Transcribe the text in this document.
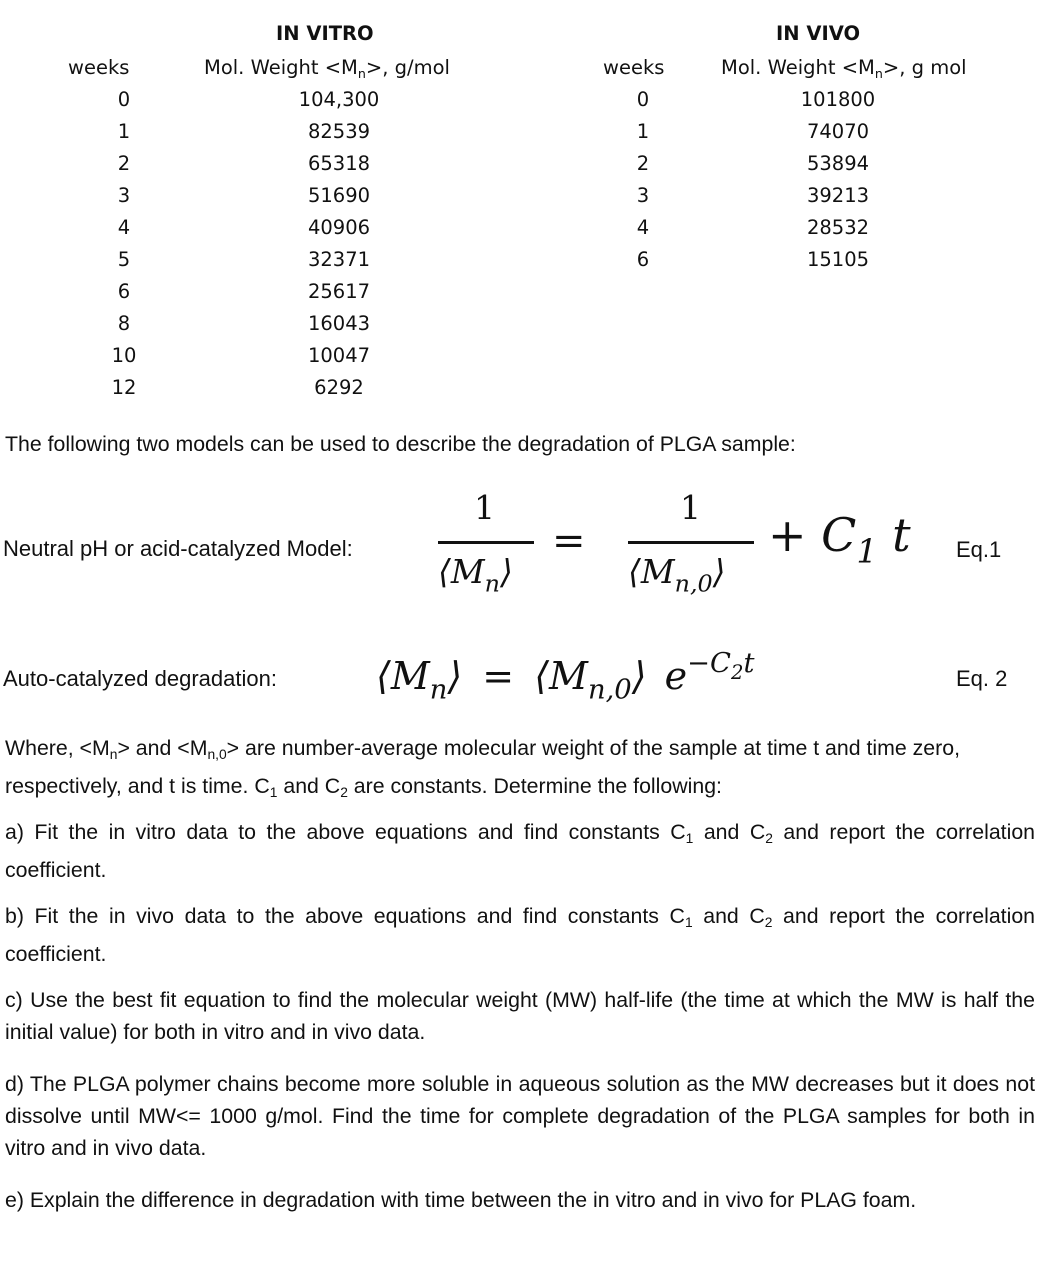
IN VITRO
weeks	Mol. Weight $<M_n>$, g/mol
0	104,300
1	82539
2	65318
3	51690
4	40906
5	32371
6	25617
8	16043
10	10047
12	6292
IN VIVO
weeks	Mol. Weight $<M_n>$, g mol
0	101800
1	74070
2	53894
3	39213
4	28532
6	15105
The following two models can be used to describe the degradation of PLGA sample:
Neutral pH or acid-catalyzed Model:
1
$⟨M_n⟩$
=
1
$⟨M_{n,0}⟩$
+ $C_1$ t Eq.1
Auto-catalyzed degradation:	$⟨M_n⟩$ = $⟨M_{n,0}⟩$ $e^{-C_2t}$	Eq. 2
Where, $<M_n>$ and $<M_{n,0}>$ are number-average molecular weight of the sample at time t and time zero, respectively, and t is time. $C_1$ and $C_2$ are constants. Determine the following:
a) Fit the in vitro data to the above equations and find constants $C_1$ and $C_2$ and report the correlation coefficient.
b) Fit the in vivo data to the above equations and find constants $C_1$ and $C_2$ and report the correlation coefficient.
c) Use the best fit equation to find the molecular weight (MW) half-life (the time at which the MW is half the initial value) for both in vitro and in vivo data.
d) The PLGA polymer chains become more soluble in aqueous solution as the MW decreases but it does not dissolve until MW<= 1000 g/mol. Find the time for complete degradation of the PLGA samples for both in vitro and in vivo data.
e) Explain the difference in degradation with time between the in vitro and in vivo for PLAG foam.
